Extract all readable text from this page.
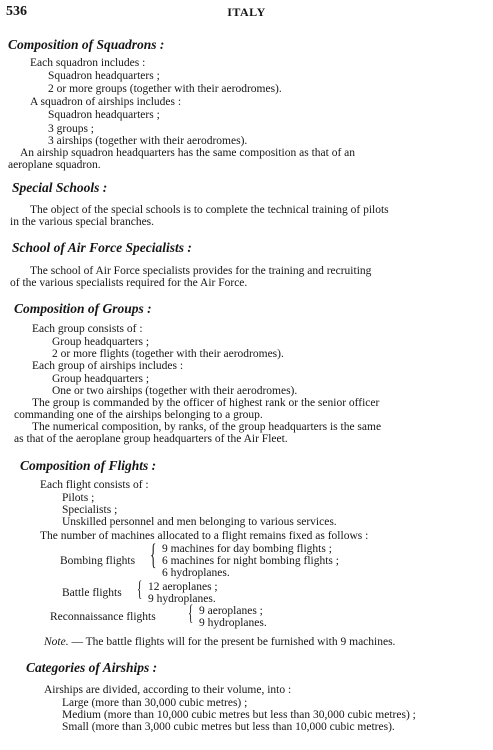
536	ITALY
Composition of Squadrons :
Each squadron includes :
Squadron headquarters ;
2 or more groups (together with their aerodromes).
A squadron of airships includes :
Squadron headquarters ;
3 groups ;
3 airships (together with their aerodromes).
An airship squadron headquarters has the same composition as that of an
aeroplane squadron.
Special Schools :
The object of the special schools is to complete the technical training of pilots
in the various special branches.
School of Air Force Specialists :
The school of Air Force specialists provides for the training and recruiting
of the various specialists required for the Air Force.
Composition of Groups :
Each group consists of :
Group headquarters ;
2 or more flights (together with their aerodromes).
Each group of airships includes :
Group headquarters ;
One or two airships (together with their aerodromes).
The group is commanded by the officer of highest rank or the senior officer
commanding one of the airships belonging to a group.
The numerical composition, by ranks, of the group headquarters is the same
as that of the aeroplane group headquarters of the Air Fleet.
Composition of Flights :
Each flight consists of :
Pilots ;
Specialists ;
Unskilled personnel and men belonging to various services.
The number of machines allocated to a flight remains fixed as follows :
Bombing flights { 9 machines for day bombing flights ;
6 machines for night bombing flights ;
6 hydroplanes.
Battle flights { 12 aeroplanes ;
9 hydroplanes.
Reconnaissance flights { 9 aeroplanes ;
9 hydroplanes.
Note. — The battle flights will for the present be furnished with 9 machines.
Categories of Airships :
Airships are divided, according to their volume, into :
Large (more than 30,000 cubic metres) ;
Medium (more than 10,000 cubic metres but less than 30,000 cubic metres) ;
Small (more than 3,000 cubic metres but less than 10,000 cubic metres).
